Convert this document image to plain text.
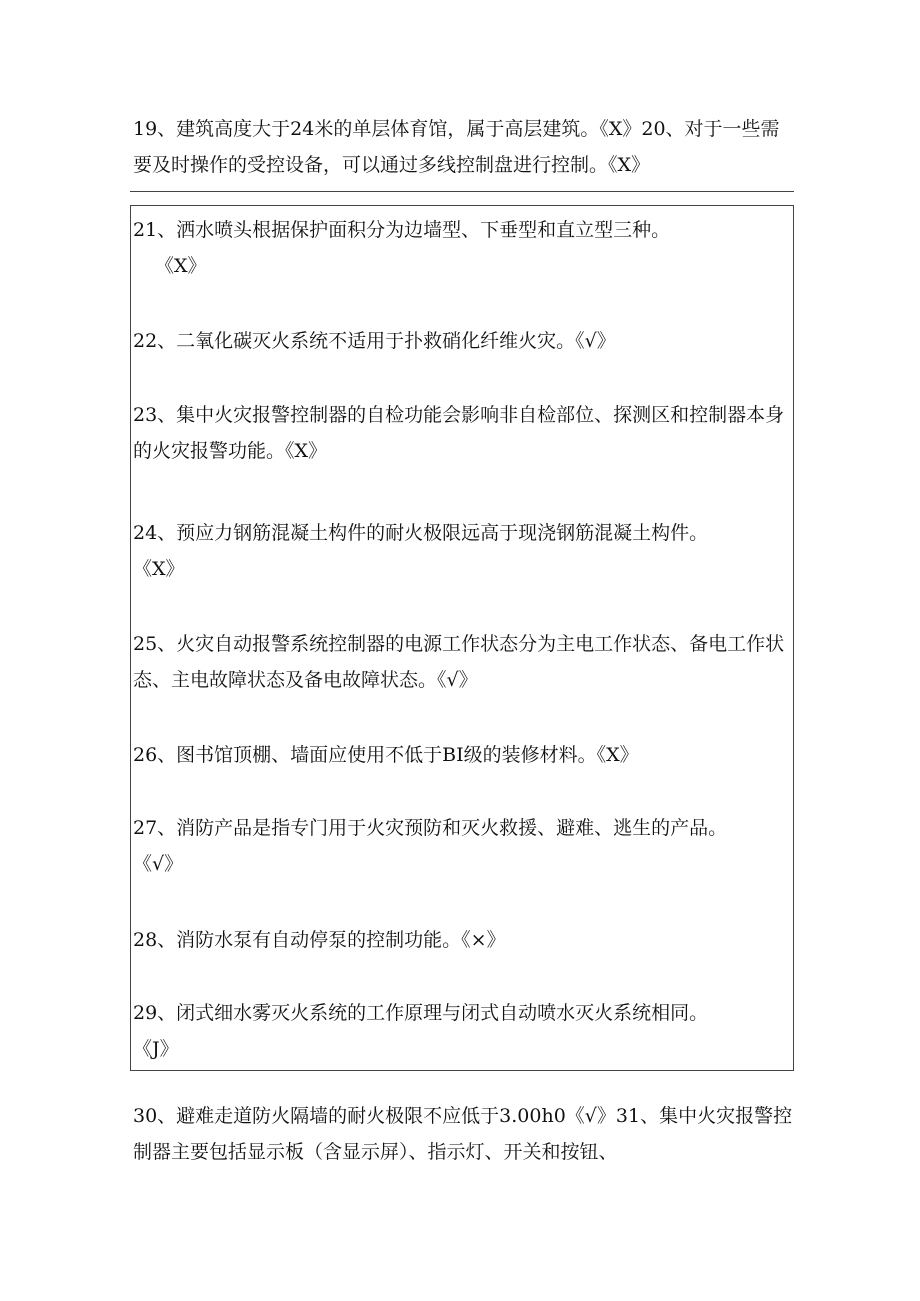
19、建筑高度大于24米的单层体育馆，属于高层建筑。《X》20、对于一些需要及时操作的受控设备，可以通过多线控制盘进行控制。《X》

21、洒水喷头根据保护面积分为边墙型、下垂型和直立型三种。
《X》

22、二氧化碳灭火系统不适用于扑救硝化纤维火灾。《√》

23、集中火灾报警控制器的自检功能会影响非自检部位、探测区和控制器本身的火灾报警功能。《X》

24、预应力钢筋混凝土构件的耐火极限远高于现浇钢筋混凝土构件。
《X》

25、火灾自动报警系统控制器的电源工作状态分为主电工作状态、备电工作状态、主电故障状态及备电故障状态。《√》

26、图书馆顶棚、墙面应使用不低于BI级的装修材料。《X》

27、消防产品是指专门用于火灾预防和灭火救援、避难、逃生的产品。
《√》

28、消防水泵有自动停泵的控制功能。《×》

29、闭式细水雾灭火系统的工作原理与闭式自动喷水灭火系统相同。
《J》

30、避难走道防火隔墙的耐火极限不应低于3.00h0《√》31、集中火灾报警控制器主要包括显示板（含显示屏）、指示灯、开关和按钮、
